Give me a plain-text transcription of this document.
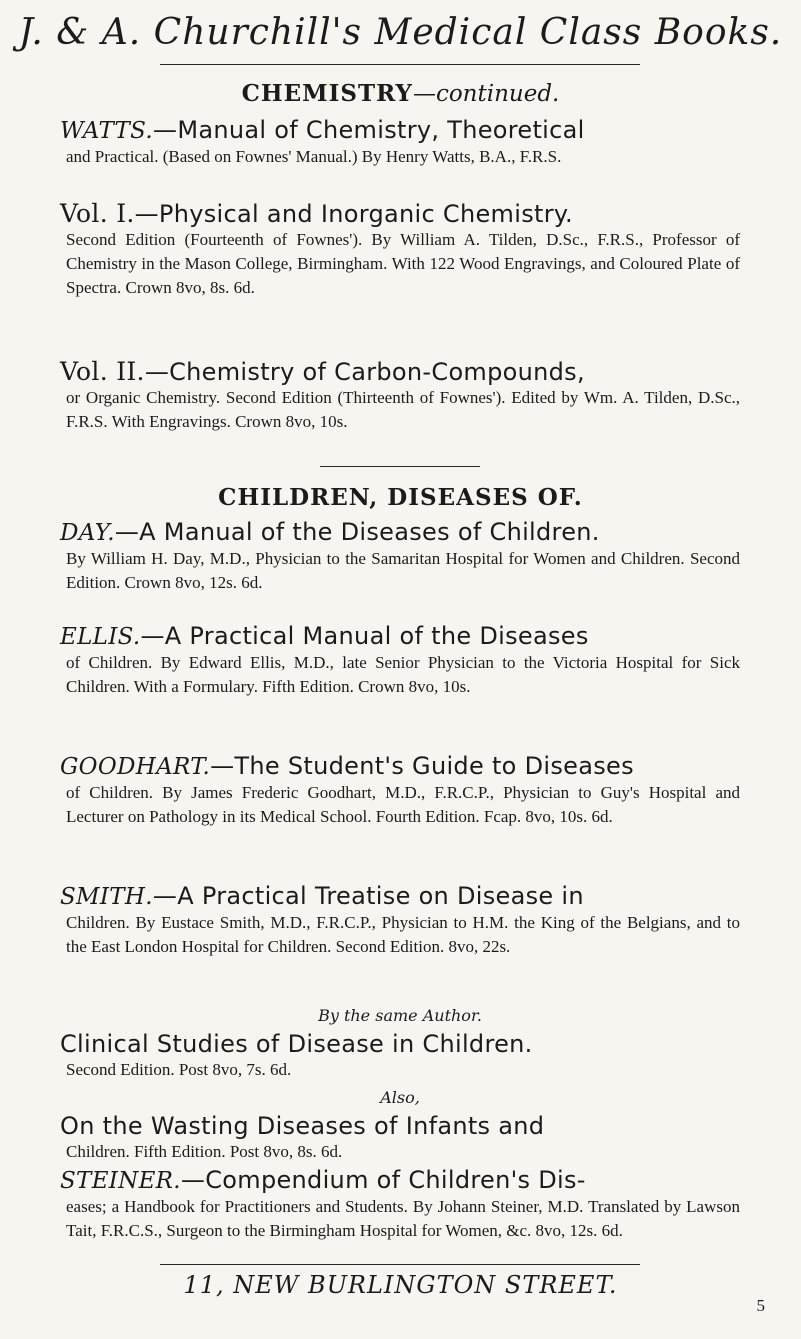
J. & A. Churchill's Medical Class Books.
CHEMISTRY—continued.
WATTS.—Manual of Chemistry, Theoretical
and Practical. (Based on Fownes' Manual.) By Henry Watts, B.A., F.R.S.
Vol. I.—Physical and Inorganic Chemistry.
Second Edition (Fourteenth of Fownes'). By William A. Tilden, D.Sc., F.R.S., Professor of Chemistry in the Mason College, Birmingham. With 122 Wood Engravings, and Coloured Plate of Spectra. Crown 8vo, 8s. 6d.
Vol. II.—Chemistry of Carbon-Compounds,
or Organic Chemistry. Second Edition (Thirteenth of Fownes'). Edited by Wm. A. Tilden, D.Sc., F.R.S. With Engravings. Crown 8vo, 10s.
CHILDREN, DISEASES OF.
DAY.—A Manual of the Diseases of Children.
By William H. Day, M.D., Physician to the Samaritan Hospital for Women and Children. Second Edition. Crown 8vo, 12s. 6d.
ELLIS.—A Practical Manual of the Diseases
of Children. By Edward Ellis, M.D., late Senior Physician to the Victoria Hospital for Sick Children. With a Formulary. Fifth Edition. Crown 8vo, 10s.
GOODHART.—The Student's Guide to Diseases
of Children. By James Frederic Goodhart, M.D., F.R.C.P., Physician to Guy's Hospital and Lecturer on Pathology in its Medical School. Fourth Edition. Fcap. 8vo, 10s. 6d.
SMITH.—A Practical Treatise on Disease in
Children. By Eustace Smith, M.D., F.R.C.P., Physician to H.M. the King of the Belgians, and to the East London Hospital for Children. Second Edition. 8vo, 22s.
By the same Author.
Clinical Studies of Disease in Children.
Second Edition. Post 8vo, 7s. 6d.
Also,
On the Wasting Diseases of Infants and
Children. Fifth Edition. Post 8vo, 8s. 6d.
STEINER.—Compendium of Children's Dis-
eases; a Handbook for Practitioners and Students. By Johann Steiner, M.D. Translated by Lawson Tait, F.R.C.S., Surgeon to the Birmingham Hospital for Women, &c. 8vo, 12s. 6d.
11, NEW BURLINGTON STREET.
5
